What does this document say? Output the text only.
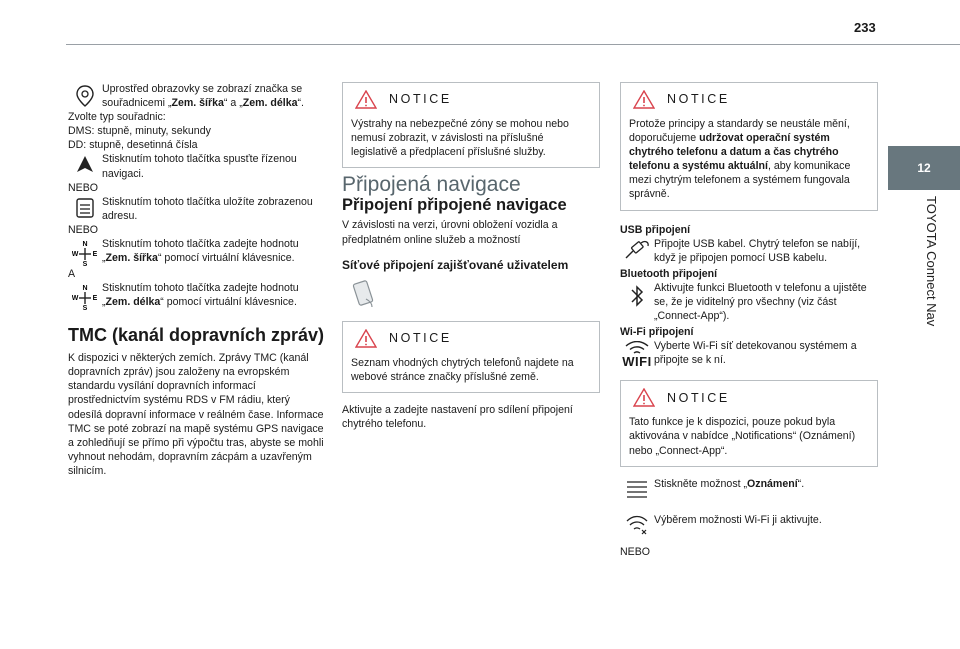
233
12
TOYOTA Connect Nav

Uprostřed obrazovky se zobrazí značka se souřadnicemi „Zem. šířka“ a „Zem. délka“.

Zvolte typ souřadnic:

DMS: stupně, minuty, sekundy

DD: stupně, desetinná čísla

Stisknutím tohoto tlačítka spusťte řízenou navigaci.

NEBO

Stisknutím tohoto tlačítka uložíte zobrazenou adresu.

NEBO

N
S
W E

Stisknutím tohoto tlačítka zadejte hodnotu „Zem. šířka“ pomocí virtuální klávesnice.

A

N
S
W E

Stisknutím tohoto tlačítka zadejte hodnotu „Zem. délka“ pomocí virtuální klávesnice.

TMC (kanál dopravních zpráv)

K dispozici v některých zemích. Zprávy TMC (kanál dopravních zpráv) jsou založeny na evropském standardu vysílání dopravních informací prostřednictvím systému RDS v FM rádiu, který odesílá dopravní informace v reálném čase. Informace TMC se poté zobrazí na mapě systému GPS navigace a zohledňují se přímo při výpočtu tras, abyste se mohli vyhnout nehodám, dopravním zácpám a uzavřeným silnicím.

NOTICE

Výstrahy na nebezpečné zóny se mohou nebo nemusí zobrazit, v závislosti na příslušné legislativě a předplacení příslušné služby.

Připojená navigace
Připojení připojené navigace

V závislosti na verzi, úrovni obložení vozidla a předplatném online služeb a možností

Síťové připojení zajišťované uživatelem
NOTICE

Seznam vhodných chytrých telefonů najdete na webové stránce značky příslušné země.

Aktivujte a zadejte nastavení pro sdílení připojení chytrého telefonu.

NOTICE

Protože principy a standardy se neustále mění, doporučujeme udržovat operační systém chytrého telefonu a datum a čas chytrého telefonu a systému aktuální, aby komunikace mezi chytrým telefonem a systémem fungovala správně.

USB připojení

Připojte USB kabel. Chytrý telefon se nabíjí, když je připojen pomocí USB kabelu.

Bluetooth připojení

Aktivujte funkci Bluetooth v telefonu a ujistěte se, že je viditelný pro všechny (viz část „Connect-App“).

Wi-Fi připojení
WIFI

Vyberte Wi-Fi síť detekovanou systémem a připojte se k ní.

NOTICE

Tato funkce je k dispozici, pouze pokud byla aktivována v nabídce „Notifications“ (Oznámení) nebo „Connect-App“.

Stiskněte možnost „Oznámení“.

Výběrem možnosti Wi-Fi ji aktivujte.

NEBO
